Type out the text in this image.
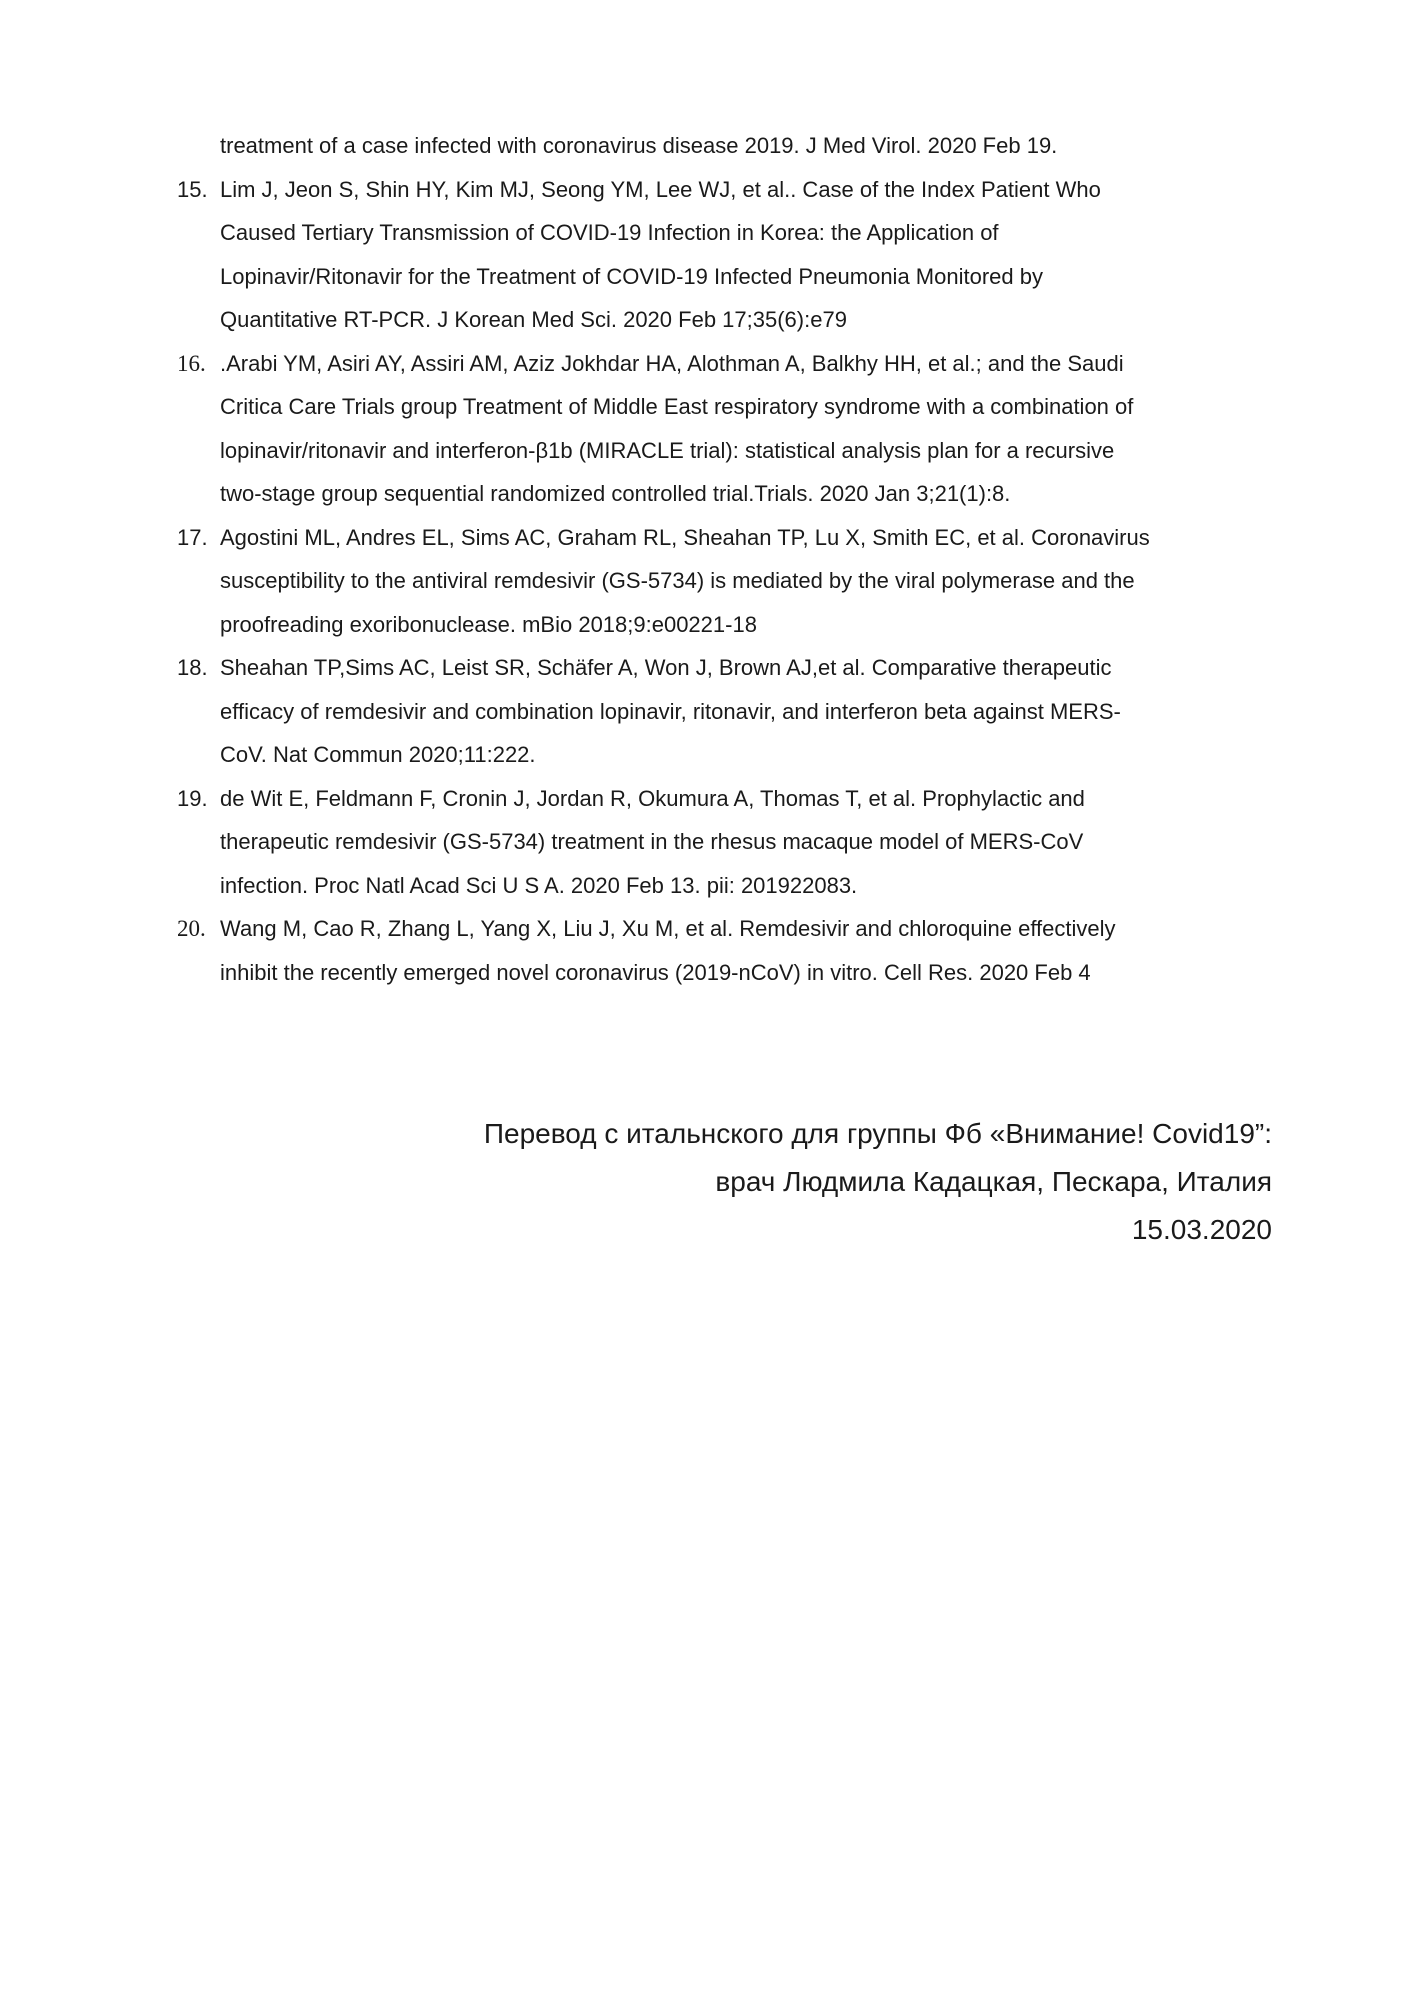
treatment of a case infected with coronavirus disease 2019. J Med Virol. 2020 Feb 19.
15. Lim J, Jeon S, Shin HY, Kim MJ, Seong YM, Lee WJ, et al.. Case of the Index Patient Who
Caused Tertiary Transmission of COVID-19 Infection in Korea: the Application of
Lopinavir/Ritonavir for the Treatment of COVID-19 Infected Pneumonia Monitored by
Quantitative RT-PCR. J Korean Med Sci. 2020 Feb 17;35(6):e79
16. .Arabi YM, Asiri AY, Assiri AM, Aziz Jokhdar HA, Alothman A, Balkhy HH, et al.; and the Saudi
Critica Care Trials group Treatment of Middle East respiratory syndrome with a combination of
lopinavir/ritonavir and interferon-β1b (MIRACLE trial): statistical analysis plan for a recursive
two-stage group sequential randomized controlled trial.Trials. 2020 Jan 3;21(1):8.
17. Agostini ML, Andres EL, Sims AC, Graham RL, Sheahan TP, Lu X, Smith EC, et al. Coronavirus
susceptibility to the antiviral remdesivir (GS-5734) is mediated by the viral polymerase and the
proofreading exoribonuclease. mBio 2018;9:e00221-18
18. Sheahan TP,Sims AC, Leist SR, Schäfer A, Won J, Brown AJ,et al. Comparative therapeutic
efficacy of remdesivir and combination lopinavir, ritonavir, and interferon beta against MERS-
CoV. Nat Commun 2020;11:222.
19. de Wit E, Feldmann F, Cronin J, Jordan R, Okumura A, Thomas T, et al. Prophylactic and
therapeutic remdesivir (GS-5734) treatment in the rhesus macaque model of MERS-CoV
infection. Proc Natl Acad Sci U S A. 2020 Feb 13. pii: 201922083.
20. Wang M, Cao R, Zhang L, Yang X, Liu J, Xu M, et al. Remdesivir and chloroquine effectively
inhibit the recently emerged novel coronavirus (2019-nCoV) in vitro. Cell Res. 2020 Feb 4
Перевод с итальнского для группы Фб «Внимание! Covid19”:
врач Людмила Кадацкая, Пескара, Италия
15.03.2020
